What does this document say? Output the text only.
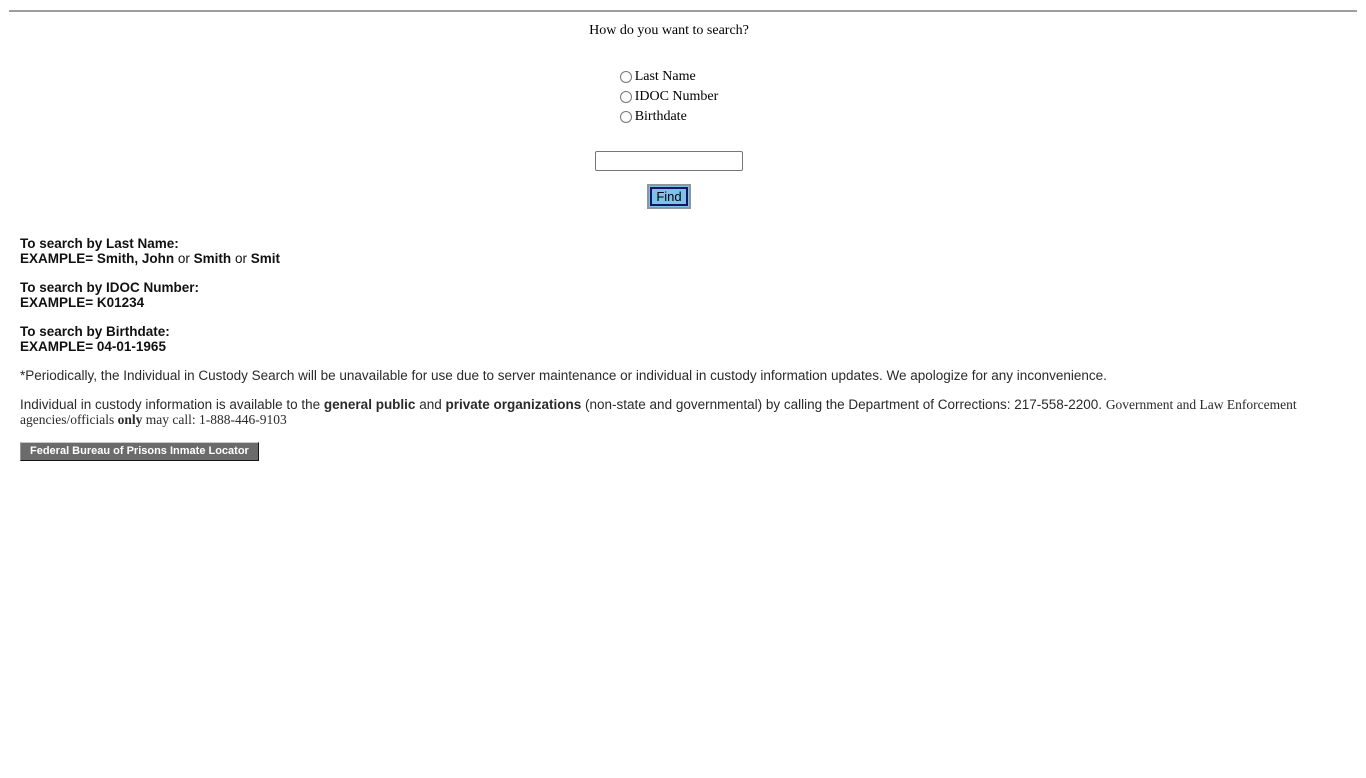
How do you want to search?
Last Name
IDOC Number
Birthdate
Find
To search by Last Name:
EXAMPLE= Smith, John or Smith or Smit
To search by IDOC Number:
EXAMPLE= K01234
To search by Birthdate:
EXAMPLE= 04-01-1965
*Periodically, the Individual in Custody Search will be unavailable for use due to server maintenance or individual in custody information updates. We apologize for any inconvenience.
Individual in custody information is available to the general public and private organizations (non-state and governmental) by calling the Department of Corrections: 217-558-2200. Government and Law Enforcement agencies/officials only may call: 1-888-446-9103
Federal Bureau of Prisons Inmate Locator
